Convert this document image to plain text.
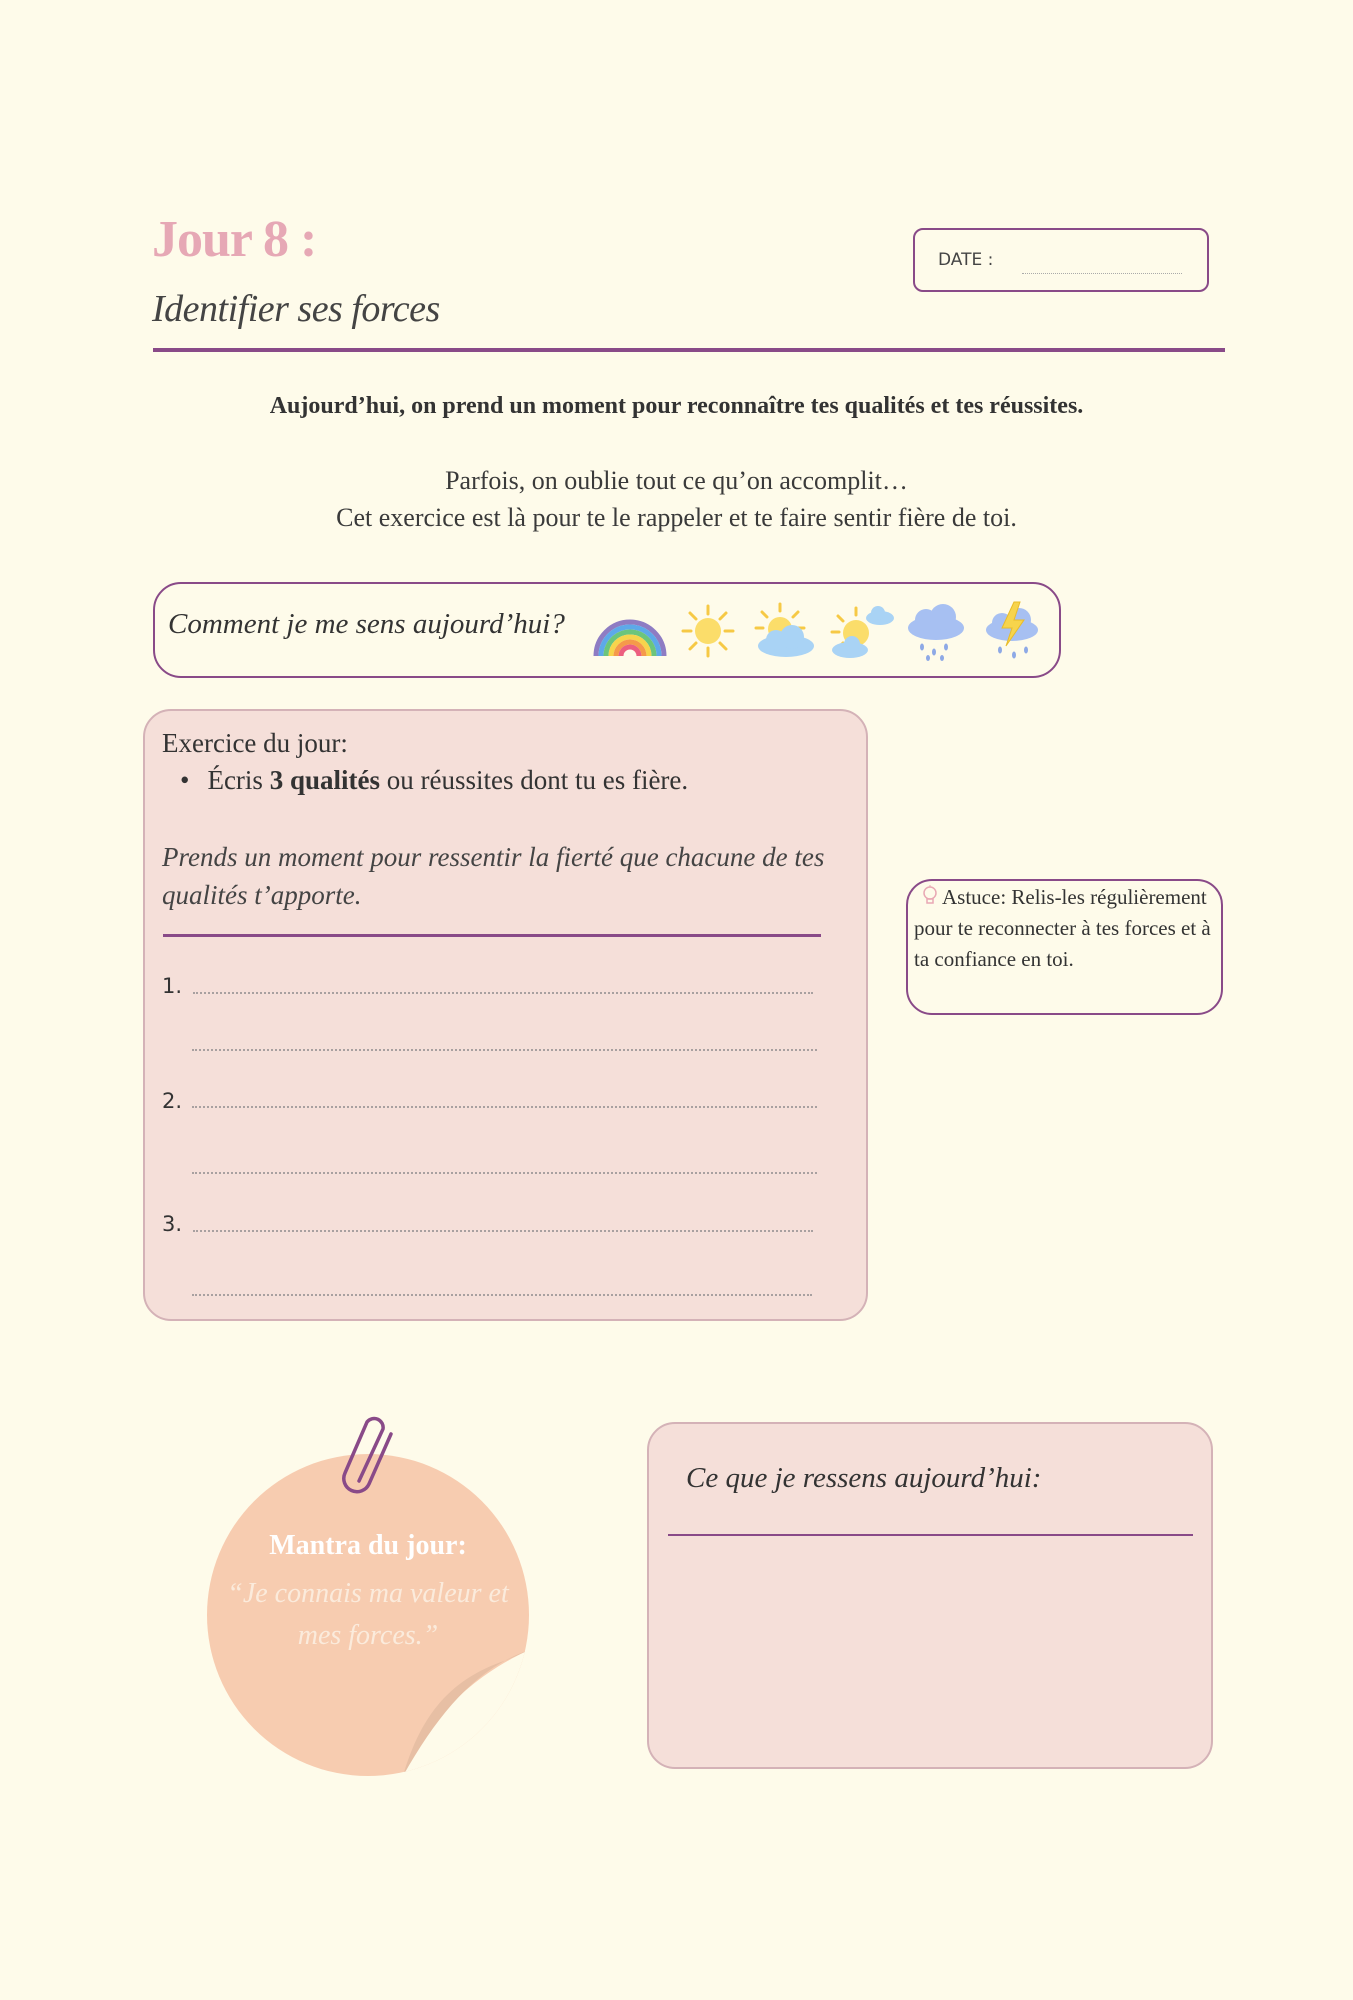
Jour 8 :
Identifier ses forces
DATE :
Aujourd’hui, on prend un moment pour reconnaître tes qualités et tes réussites.
Parfois, on oublie tout ce qu’on accomplit…
Cet exercice est là pour te le rappeler et te faire sentir fière de toi.
Comment je me sens aujourd’hui?
Exercice du jour:
• Écris 3 qualités ou réussites dont tu es fière.
Prends un moment pour ressentir la fierté que chacune de tes qualités t’apporte.
1.
2.
3.
Astuce: Relis-les régulièrement pour te reconnecter à tes forces et à ta confiance en toi.
Mantra du jour:
“Je connais ma valeur et mes forces.”
Ce que je ressens aujourd’hui:
